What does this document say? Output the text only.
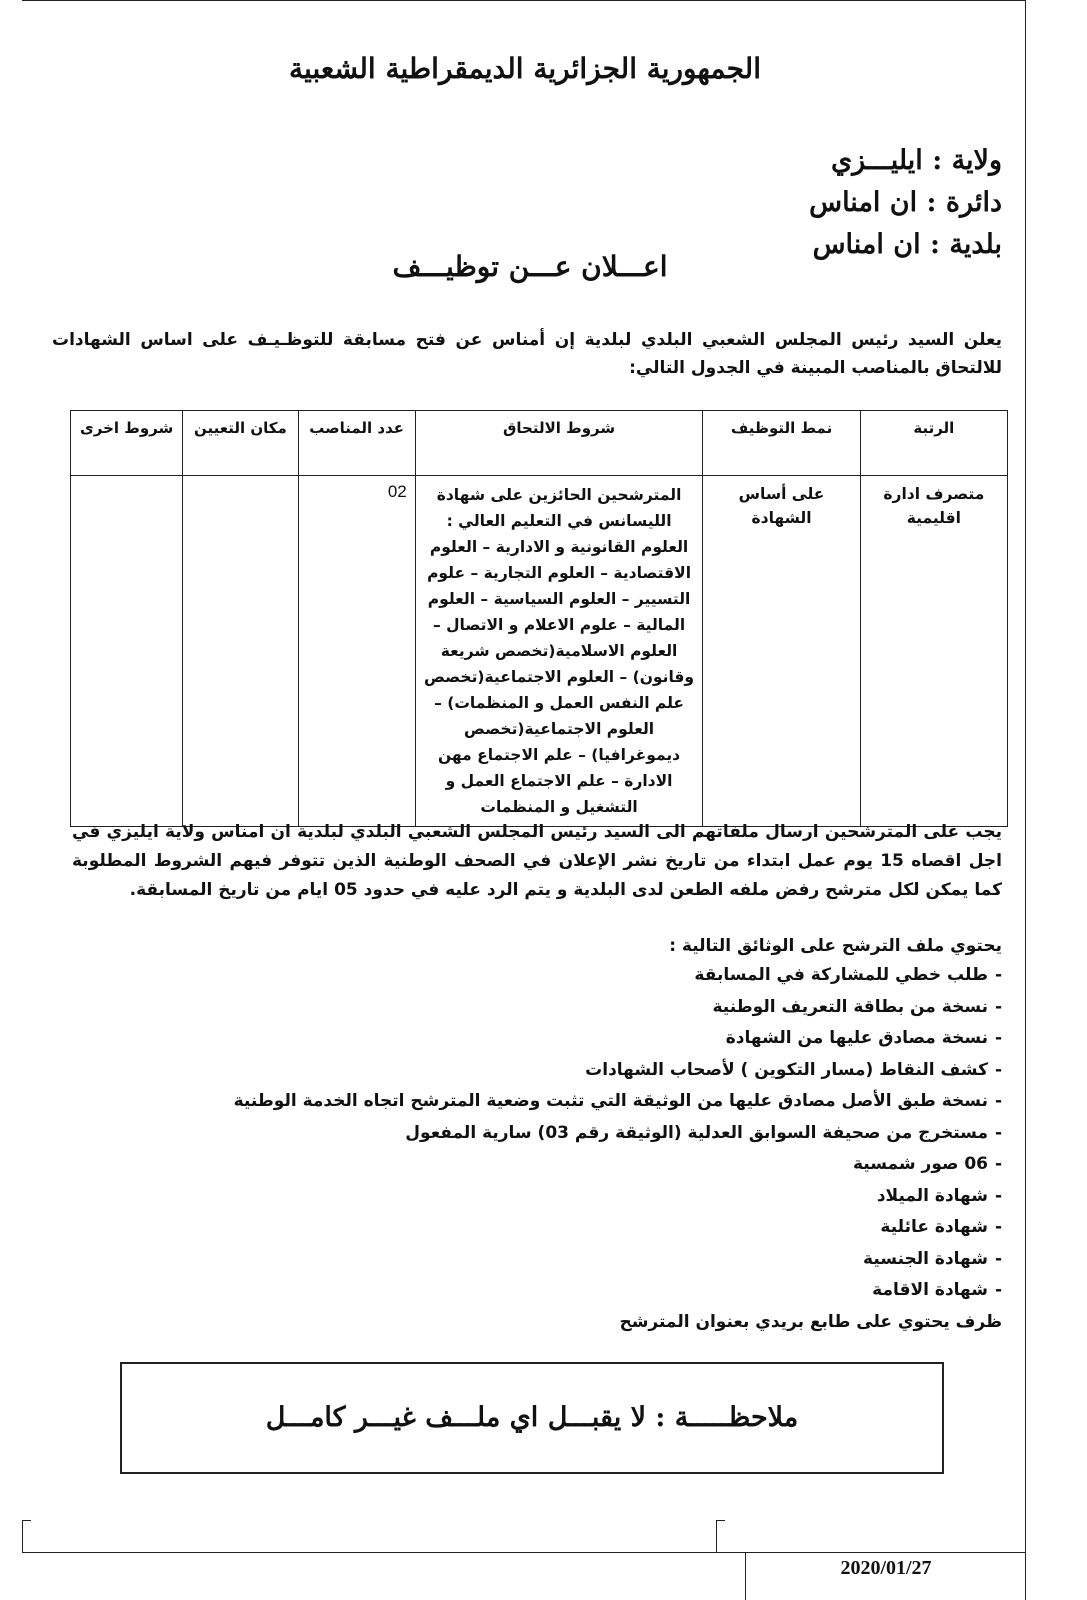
الجمهورية الجزائرية الديمقراطية الشعبية
ولاية : ايليـــزي
دائرة : ان امناس
بلدية : ان امناس
اعـــلان عـــن توظيـــف
يعلن السيد رئيس المجلس الشعبي البلدي لبلدية إن أمناس عن فتح مسابقة للتوظـيـف على اساس الشهادات للالتحاق بالمناصب المبينة في الجدول التالي:
الرتبة	نمط التوظيف	شروط الالتحاق	عدد المناصب	مكان التعيين	شروط اخرى
متصرف ادارة اقليمية	على أساس الشهادة	المترشحين الحائزين على شهادة الليسانس في التعليم العالي : العلوم القانونية و الادارية – العلوم الاقتصادية – العلوم التجارية – علوم التسيير – العلوم السياسية – العلوم المالية – علوم الاعلام و الاتصال – العلوم الاسلامية(تخصص شريعة وقانون) – العلوم الاجتماعية(تخصص علم النفس العمل و المنظمات) – العلوم الاجتماعية(تخصص ديموغرافيا) – علم الاجتماع مهن الادارة – علم الاجتماع العمل و التشغيل و المنظمات	02		

يجب على المترشحين ارسال ملفاتهم الى السيد رئيس المجلس الشعبي البلدي لبلدية ان امناس ولاية ايليزي في اجل اقصاه 15 يوم عمل ابتداء من تاريخ نشر الإعلان في الصحف الوطنية الذين تتوفر فيهم الشروط المطلوبة كما يمكن لكل مترشح رفض ملفه الطعن لدى البلدية و يتم الرد عليه في حدود 05 ايام من تاريخ المسابقة.

يحتوي ملف الترشح على الوثائق التالية :

-طلب خطي للمشاركة في المسابقة
-نسخة من بطاقة التعريف الوطنية
-نسخة مصادق عليها من الشهادة
-كشف النقاط (مسار التكوين ) لأصحاب الشهادات
-نسخة طبق الأصل مصادق عليها من الوثيقة التي تثبت وضعية المترشح اتجاه الخدمة الوطنية
-مستخرج من صحيفة السوابق العدلية (الوثيقة رقم 03) سارية المفعول
-06 صور شمسية
-شهادة الميلاد
-شهادة عائلية
-شهادة الجنسية
-شهادة الاقامة

ظرف يحتوي على طابع بريدي بعنوان المترشح

ملاحظـــــة : لا يقبـــل اي ملـــف غيـــر كامـــل
2020/01/27
